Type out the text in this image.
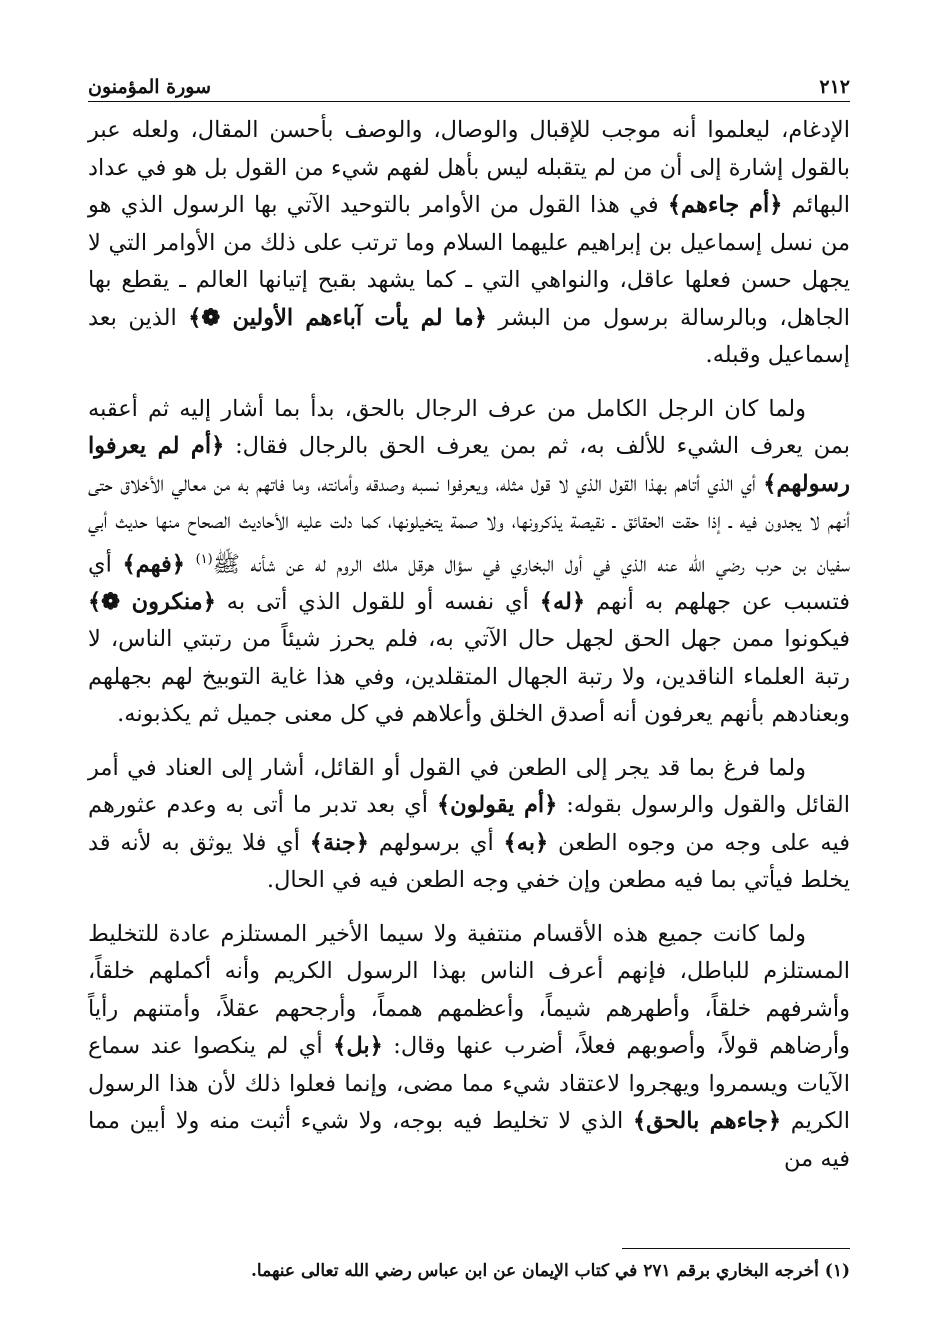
٢١٢
سورة المؤمنون

الإدغام، ليعلموا أنه موجب للإقبال والوصال، والوصف بأحسن المقال، ولعله عبر بالقول إشارة إلى أن من لم يتقبله ليس بأهل لفهم شيء من القول بل هو في عداد البهائم ﴿أم جاءهم﴾ في هذا القول من الأوامر بالتوحيد الآتي بها الرسول الذي هو من نسل إسماعيل بن إبراهيم عليهما السلام وما ترتب على ذلك من الأوامر التي لا يجهل حسن فعلها عاقل، والنواهي التي ـ كما يشهد بقبح إتيانها العالم ـ يقطع بها الجاهل، وبالرسالة برسول من البشر ﴿ما لم يأت آباءهم الأولين ❁﴾ الذين بعد إسماعيل وقبله.

ولما كان الرجل الكامل من عرف الرجال بالحق، بدأ بما أشار إليه ثم أعقبه بمن يعرف الشيء للألف به، ثم بمن يعرف الحق بالرجال فقال: ﴿أم لم يعرفوا رسولهم﴾ أي الذي أتاهم بهذا القول الذي لا قول مثله، ويعرفوا نسبه وصدقه وأمانته، وما فاتهم به من معالي الأخلاق حتى أنهم لا يجدون فيه ـ إذا حقت الحقائق ـ نقيصة يذكرونها، ولا صمة يتخيلونها، كما دلت عليه الأحاديث الصحاح منها حديث أبي سفيان بن حرب رضي الله عنه الذي في أول البخاري في سؤال هرقل ملك الروم له عن شأنه ﷺ$^{(١)}$ ﴿فهم﴾ أي فتسبب عن جهلهم به أنهم ﴿له﴾ أي نفسه أو للقول الذي أتى به ﴿منكرون ❁﴾ فيكونوا ممن جهل الحق لجهل حال الآتي به، فلم يحرز شيئاً من رتبتي الناس، لا رتبة العلماء الناقدين، ولا رتبة الجهال المتقلدين، وفي هذا غاية التوبيخ لهم بجهلهم وبعنادهم بأنهم يعرفون أنه أصدق الخلق وأعلاهم في كل معنى جميل ثم يكذبونه.

ولما فرغ بما قد يجر إلى الطعن في القول أو القائل، أشار إلى العناد في أمر القائل والقول والرسول بقوله: ﴿أم يقولون﴾ أي بعد تدبر ما أتى به وعدم عثورهم فيه على وجه من وجوه الطعن ﴿به﴾ أي برسولهم ﴿جنة﴾ أي فلا يوثق به لأنه قد يخلط فيأتي بما فيه مطعن وإن خفي وجه الطعن فيه في الحال.

ولما كانت جميع هذه الأقسام منتفية ولا سيما الأخير المستلزم عادة للتخليط المستلزم للباطل، فإنهم أعرف الناس بهذا الرسول الكريم وأنه أكملهم خلقاً، وأشرفهم خلقاً، وأطهرهم شيماً، وأعظمهم همماً، وأرجحهم عقلاً، وأمتنهم رأياً وأرضاهم قولاً، وأصوبهم فعلاً، أضرب عنها وقال: ﴿بل﴾ أي لم ينكصوا عند سماع الآيات ويسمروا ويهجروا لاعتقاد شيء مما مضى، وإنما فعلوا ذلك لأن هذا الرسول الكريم ﴿جاءهم بالحق﴾ الذي لا تخليط فيه بوجه، ولا شيء أثبت منه ولا أبين مما فيه من

(١) أخرجه البخاري برقم ٢٧١ في كتاب الإيمان عن ابن عباس رضي الله تعالى عنهما.
